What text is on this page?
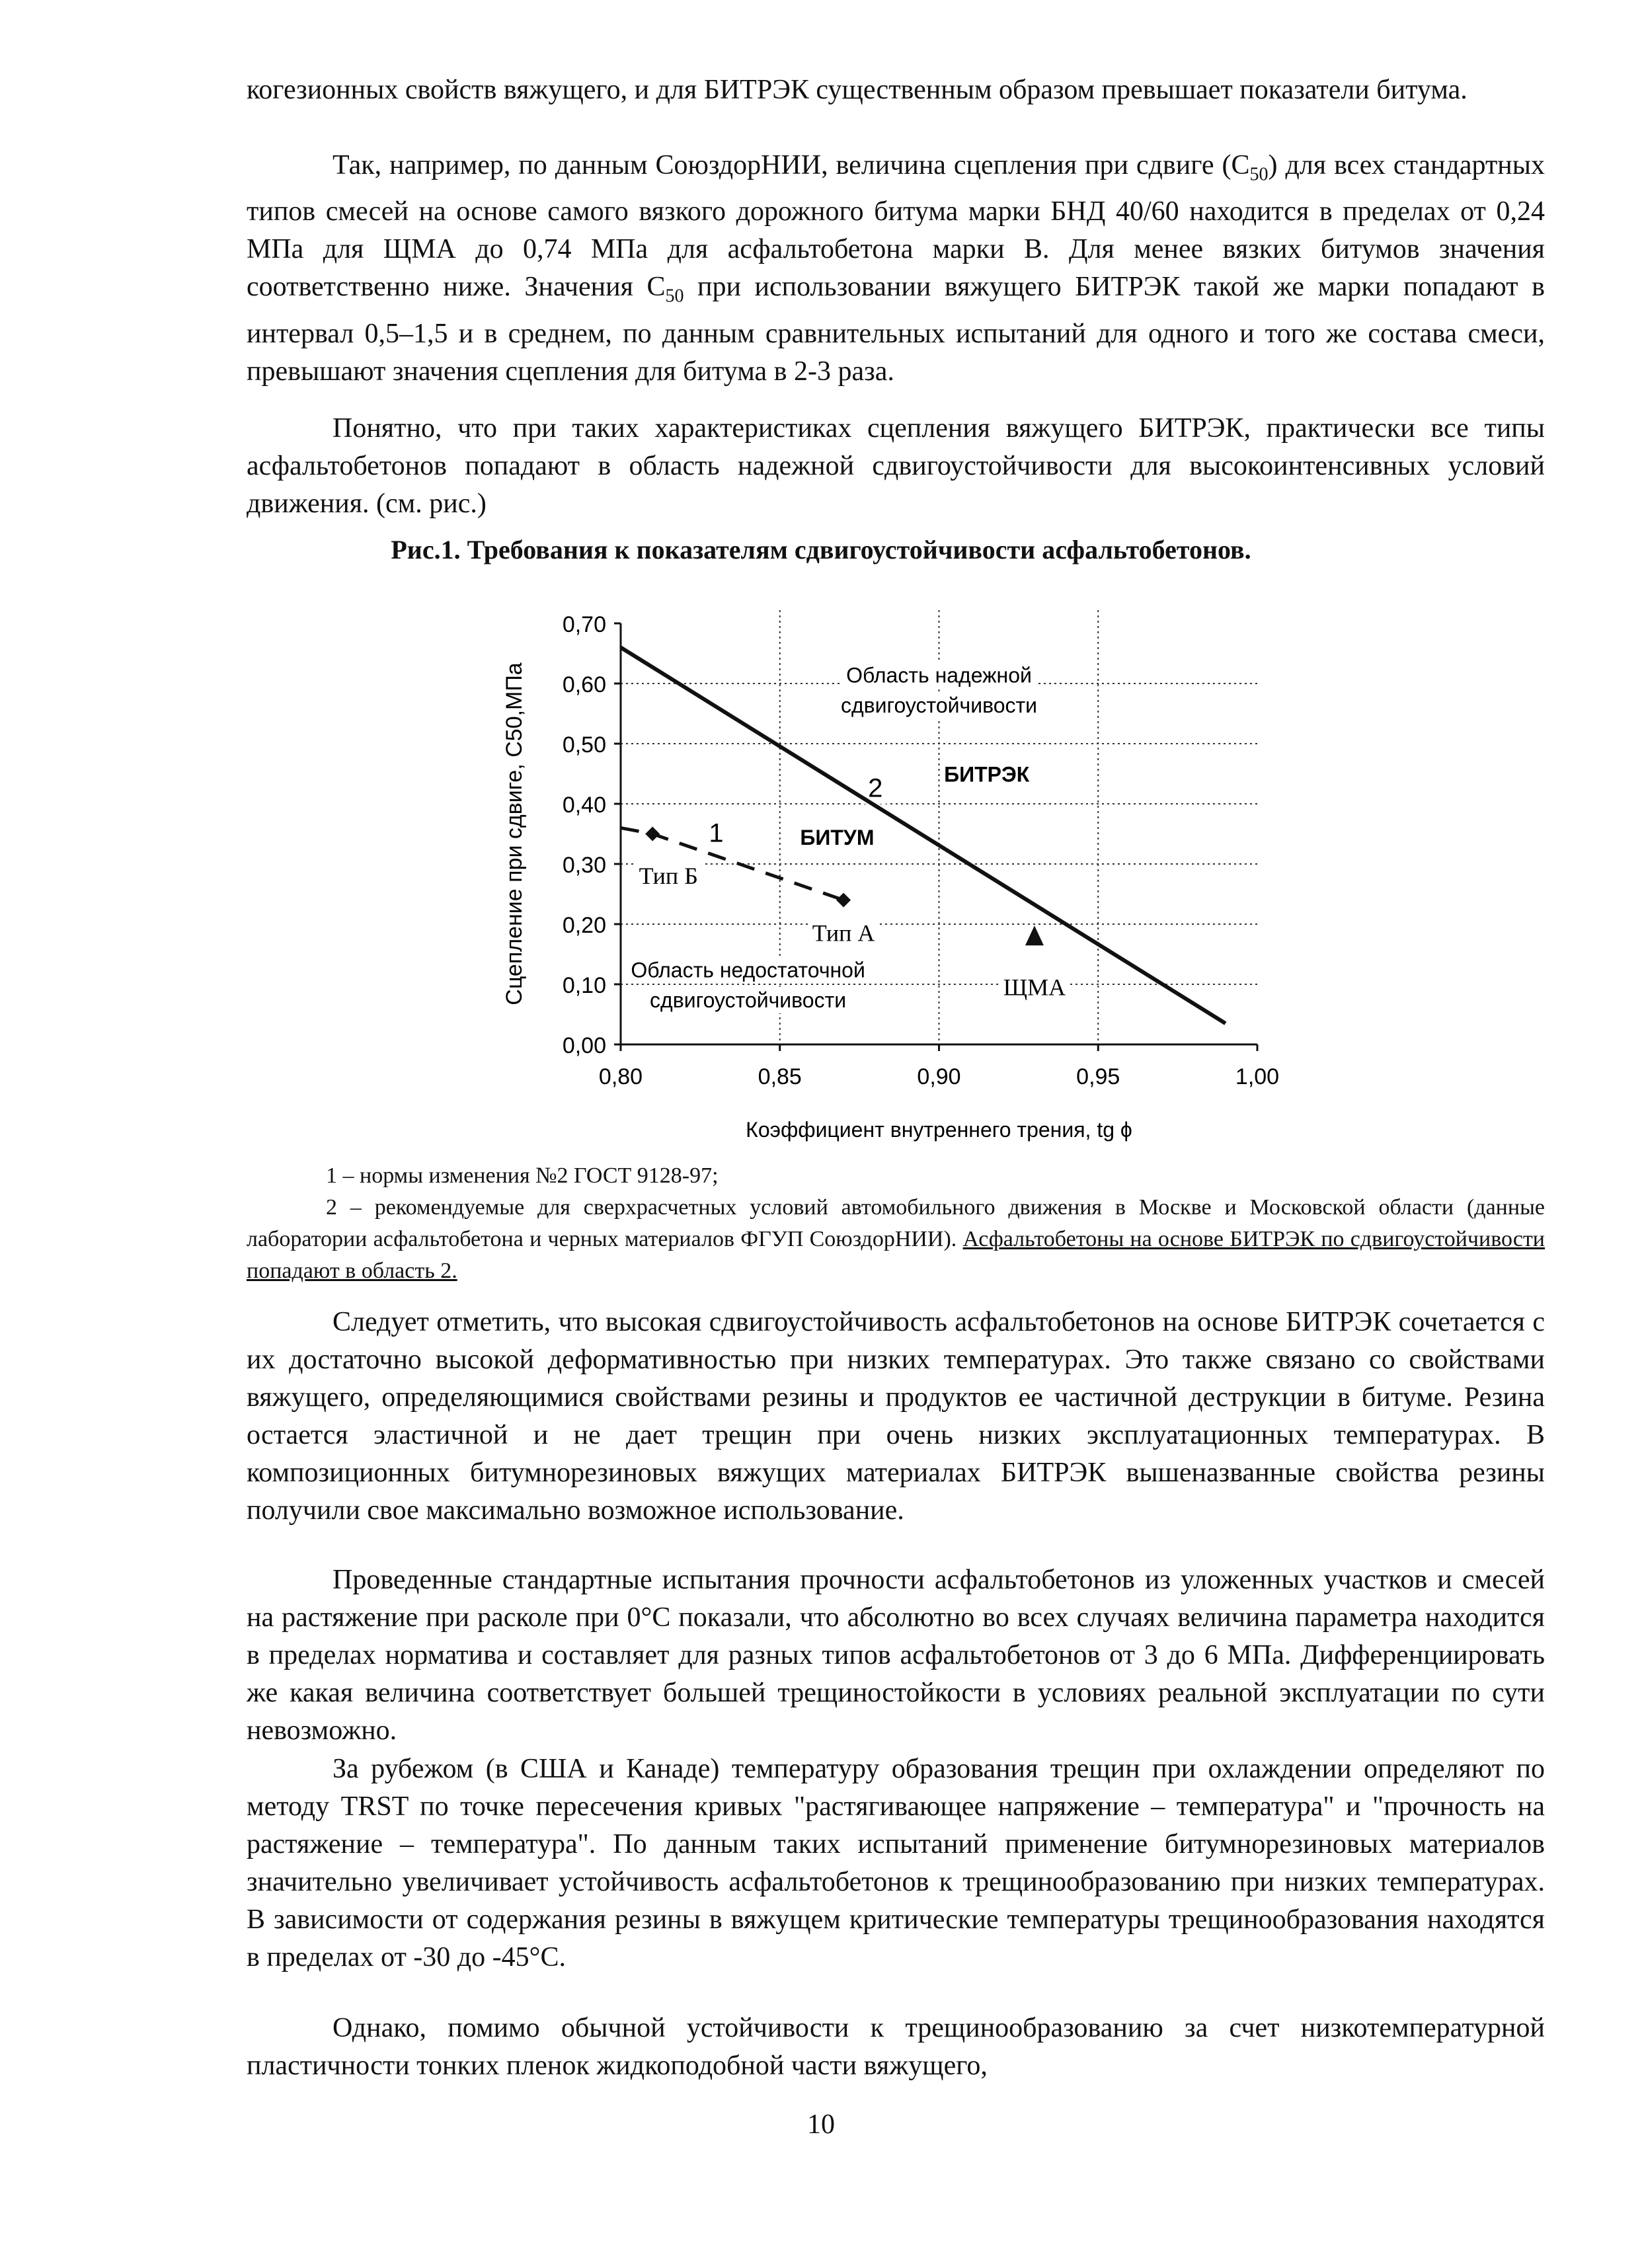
когезионных свойств вяжущего, и для БИТРЭК существенным образом превышает показатели битума.

Так, например, по данным СоюздорНИИ, величина сцепления при сдвиге $(C_{50})$ для всех стандартных типов смесей на основе самого вязкого дорожного битума марки БНД 40/60 находится в пределах от 0,24 МПа для ЩМА до 0,74 МПа для асфальтобетона марки В. Для менее вязких битумов значения соответственно ниже. Значения $C_{50}$ при использовании вяжущего БИТРЭК такой же марки попадают в интервал 0,5–1,5 и в среднем, по данным сравнительных испытаний для одного и того же состава смеси, превышают значения сцепления для битума в 2-3 раза.

Понятно, что при таких характеристиках сцепления вяжущего БИТРЭК, практически все типы асфальтобетонов попадают в область надежной сдвигоустойчивости для высокоинтенсивных условий движения. (см. рис.)

Рис.1. Требования к показателям сдвигоустойчивости асфальтобетонов.
0,00
0,10
0,20
0,30
0,40
0,50
0,60
0,70
0,80	0,85	0,90	0,95	1,00
Коэффициент внутреннего трения, tg ϕ
Сцепление при сдвиге, С50,МПа	Область надежной
сдвигоустойчивости
БИТРЭК
БИТУМ
1
2
Тип Б
Тип А
ЩМА
Область недостаточной
сдвигоустойчивости

1 – нормы изменения №2 ГОСТ 9128-97;

2 – рекомендуемые для сверхрасчетных условий автомобильного движения в Москве и Московской области (данные лаборатории асфальтобетона и черных материалов ФГУП СоюздорНИИ). Асфальтобетоны на основе БИТРЭК по сдвигоустойчивости попадают в область 2.

Следует отметить, что высокая сдвигоустойчивость асфальтобетонов на основе БИТРЭК сочетается с их достаточно высокой деформативностью при низких температурах. Это также связано со свойствами вяжущего, определяющимися свойствами резины и продуктов ее частичной деструкции в битуме. Резина остается эластичной и не дает трещин при очень низких эксплуатационных температурах. В композиционных битумнорезиновых вяжущих материалах БИТРЭК вышеназванные свойства резины получили свое максимально возможное использование.

Проведенные стандартные испытания прочности асфальтобетонов из уложенных участков и смесей на растяжение при расколе при 0°С показали, что абсолютно во всех случаях величина параметра находится в пределах норматива и составляет для разных типов асфальтобетонов от 3 до 6 МПа. Дифференциировать же какая величина соответствует большей трещиностойкости в условиях реальной эксплуатации по сути невозможно.

За рубежом (в США и Канаде) температуру образования трещин при охлаждении определяют по методу TRST по точке пересечения кривых "растягивающее напряжение – температура" и "прочность на растяжение – температура". По данным таких испытаний применение битумнорезиновых материалов значительно увеличивает устойчивость асфальтобетонов к трещинообразованию при низких температурах. В зависимости от содержания резины в вяжущем критические температуры трещинообразования находятся в пределах от -30 до -45°С.

Однако, помимо обычной устойчивости к трещинообразованию за счет низкотемпературной пластичности тонких пленок жидкоподобной части вяжущего,

10
